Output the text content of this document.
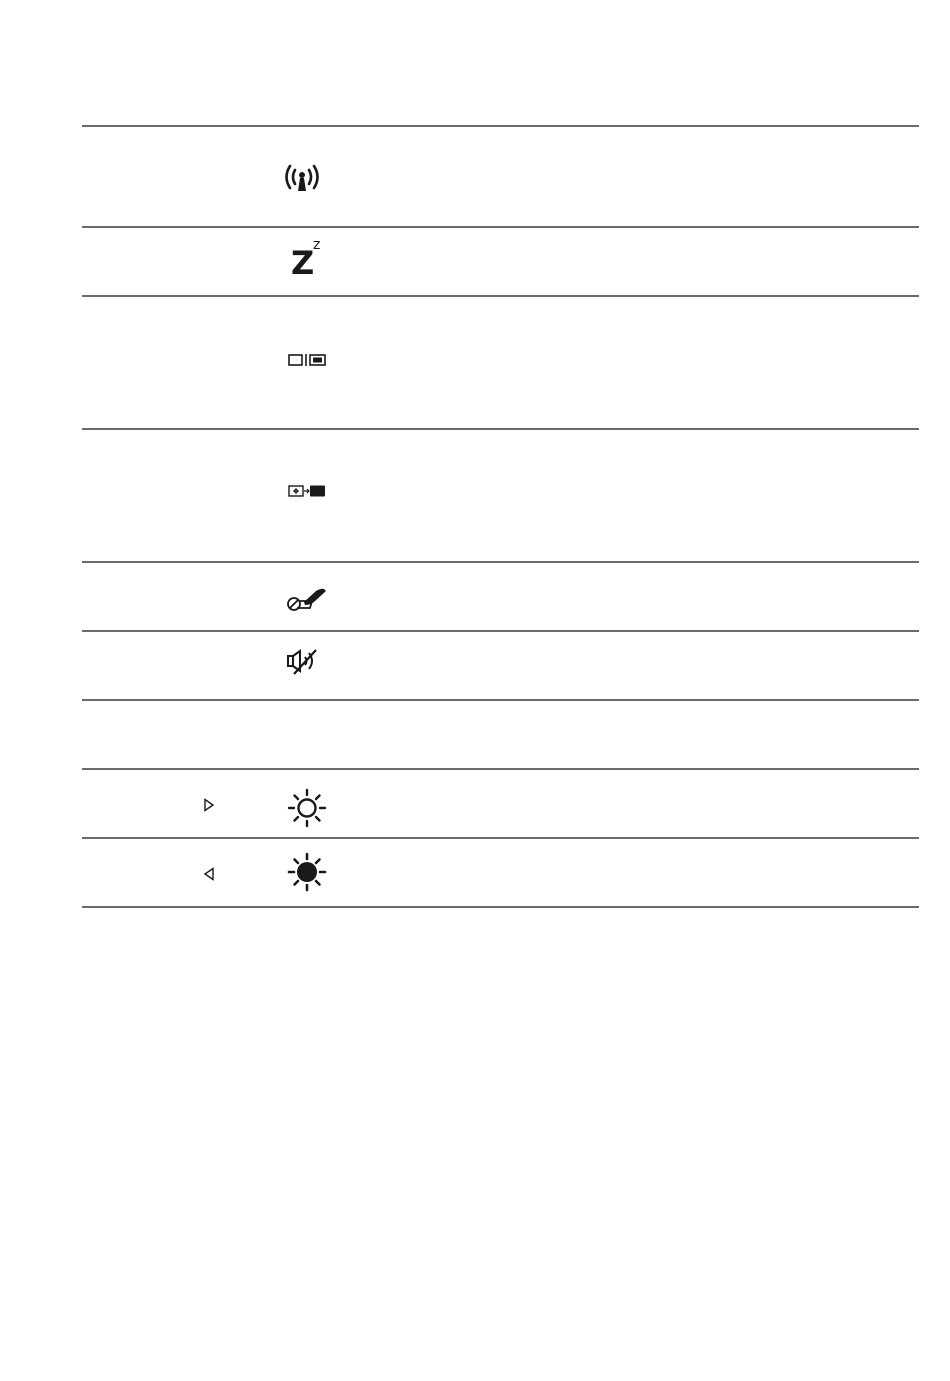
Z
z
